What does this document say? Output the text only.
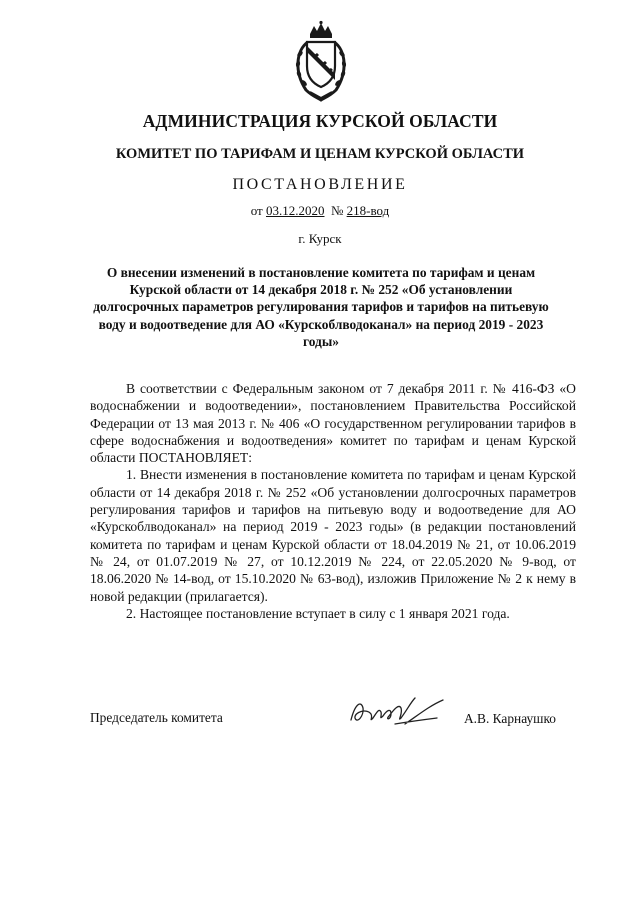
АДМИНИСТРАЦИЯ КУРСКОЙ ОБЛАСТИ
КОМИТЕТ ПО ТАРИФАМ И ЦЕНАМ КУРСКОЙ ОБЛАСТИ
ПОСТАНОВЛЕНИЕ
от 03.12.2020 № 218-вод
г. Курск
О внесении изменений в постановление комитета по тарифам и ценам Курской области от 14 декабря 2018 г. № 252 «Об установлении долгосрочных параметров регулирования тарифов и тарифов на питьевую воду и водоотведение для АО «Курскоблводоканал» на период 2019 - 2023 годы»

В соответствии с Федеральным законом от 7 декабря 2011 г. № 416-ФЗ «О водоснабжении и водоотведении», постановлением Правительства Российской Федерации от 13 мая 2013 г. № 406 «О государственном регулировании тарифов в сфере водоснабжения и водоотведения» комитет по тарифам и ценам Курской области ПОСТАНОВЛЯЕТ:

1. Внести изменения в постановление комитета по тарифам и ценам Курской области от 14 декабря 2018 г. № 252 «Об установлении долгосрочных параметров регулирования тарифов и тарифов на питьевую воду и водоотведение для АО «Курскоблводоканал» на период 2019 - 2023 годы» (в редакции постановлений комитета по тарифам и ценам Курской области от 18.04.2019 № 21, от 10.06.2019 № 24, от 01.07.2019 № 27, от 10.12.2019 № 224, от 22.05.2020 № 9-вод, от 18.06.2020 № 14-вод, от 15.10.2020 № 63-вод), изложив Приложение № 2 к нему в новой редакции (прилагается).

2. Настоящее постановление вступает в силу с 1 января 2021 года.

Председатель комитета	А.В. Карнаушко
